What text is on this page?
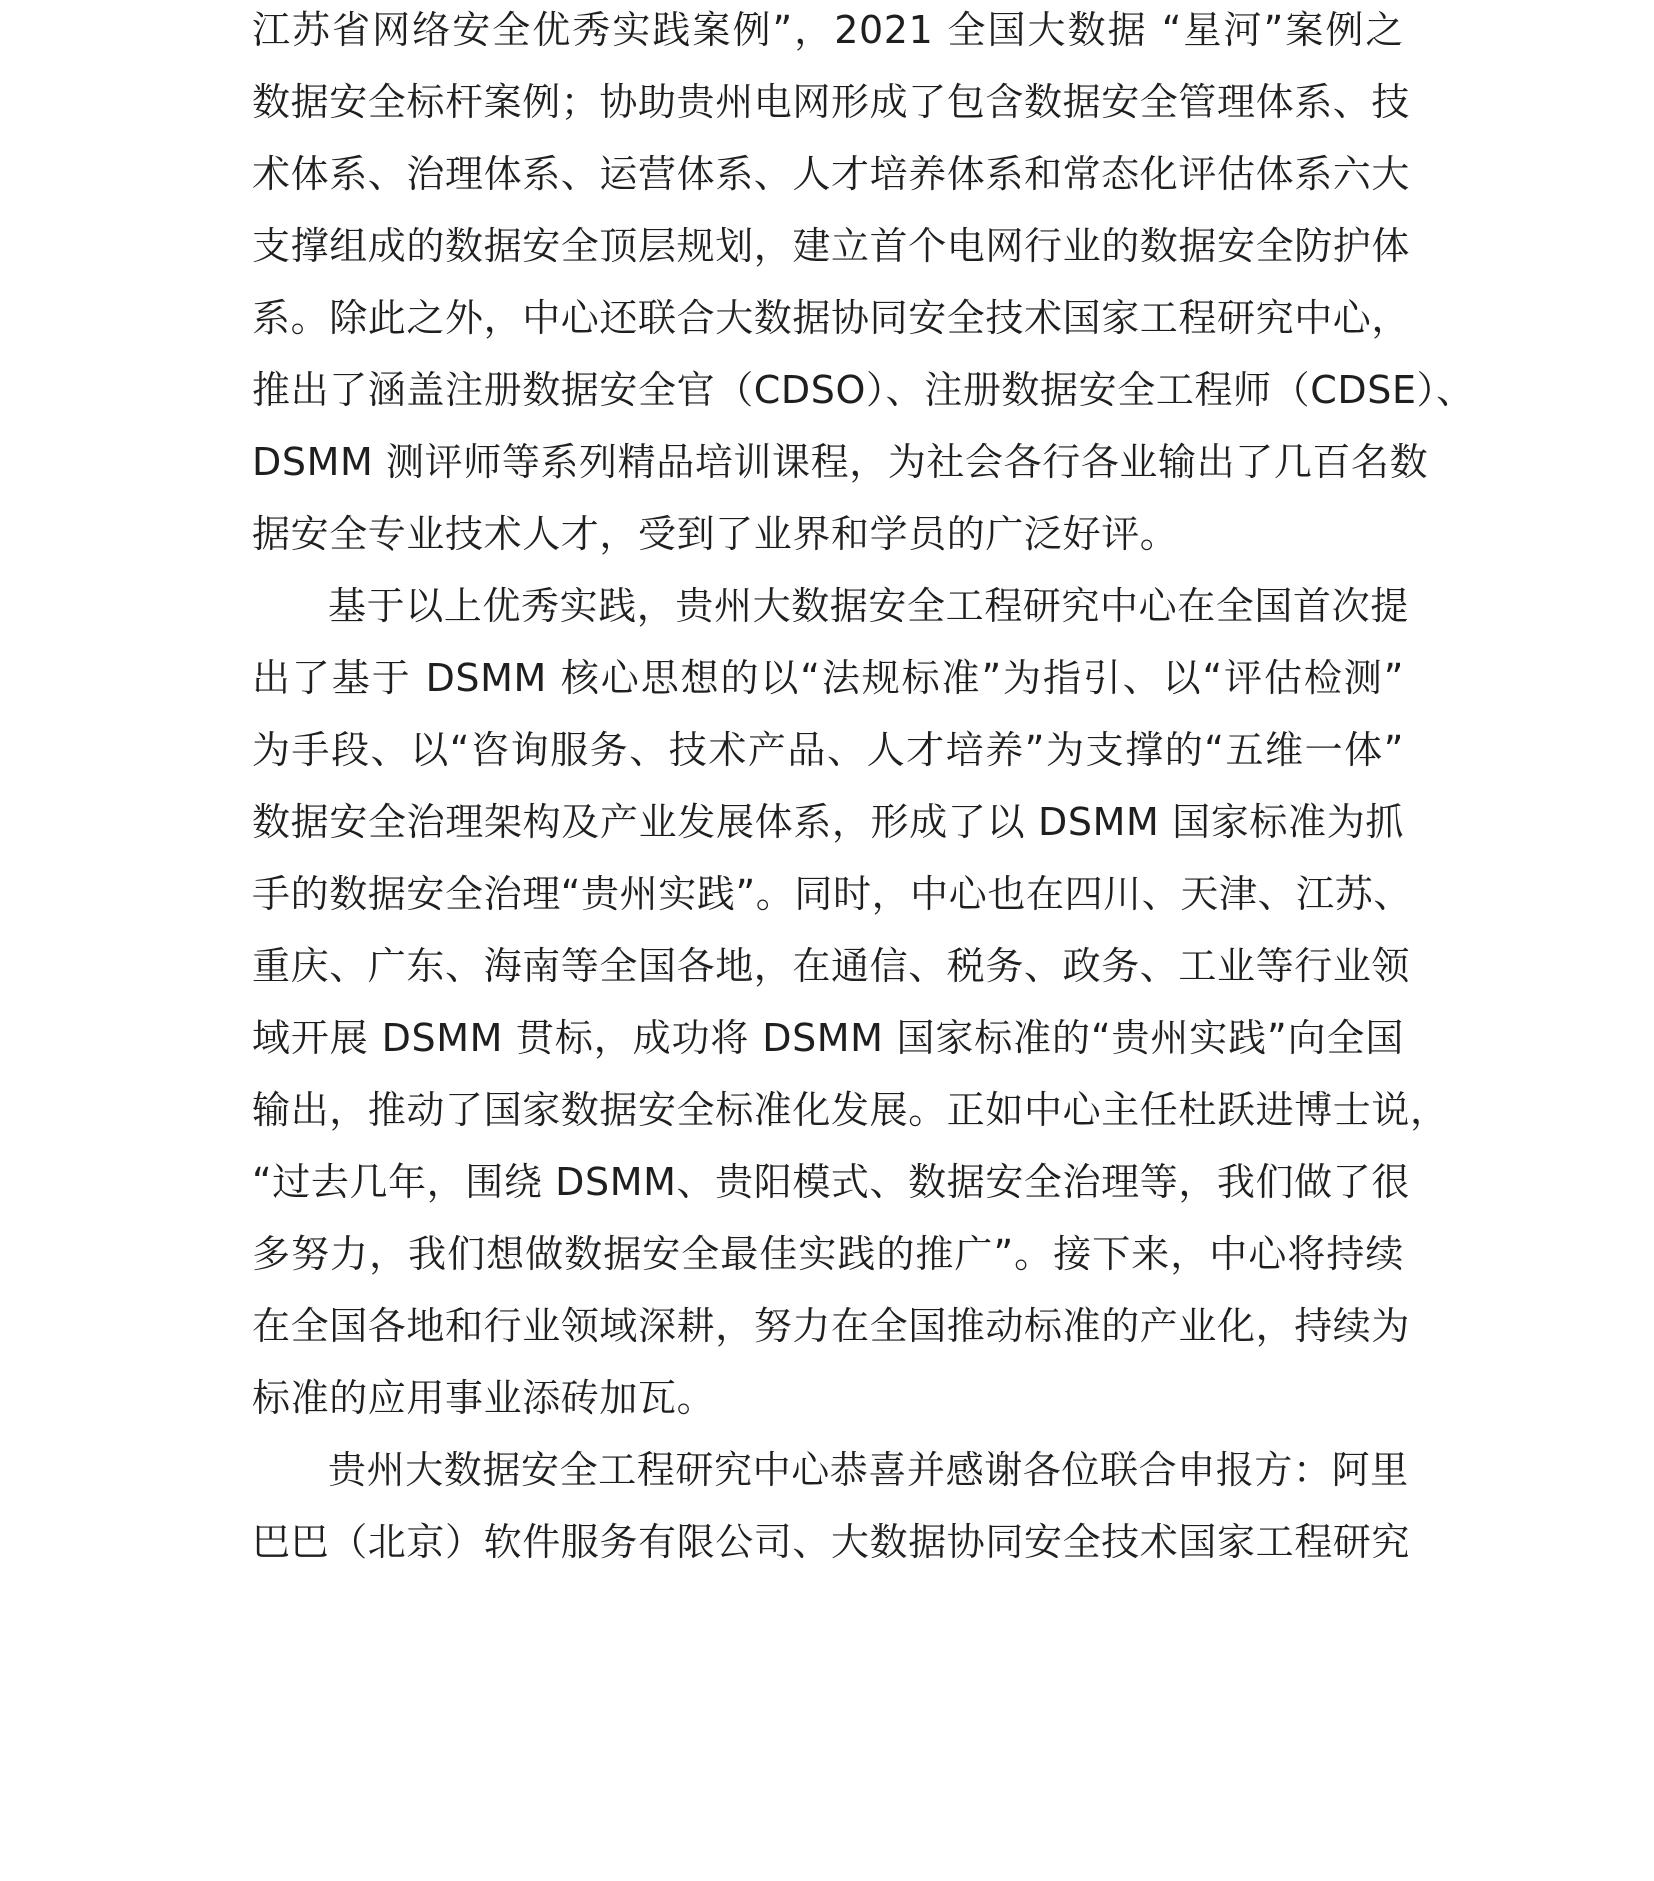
江苏省网络安全优秀实践案例”，2021 全国大数据 “星河”案例之
数据安全标杆案例；协助贵州电网形成了包含数据安全管理体系、技
术体系、治理体系、运营体系、人才培养体系和常态化评估体系六大
支撑组成的数据安全顶层规划，建立首个电网行业的数据安全防护体
系。除此之外，中心还联合大数据协同安全技术国家工程研究中心，
推出了涵盖注册数据安全官（CDSO）、注册数据安全工程师（CDSE）、
DSMM 测评师等系列精品培训课程，为社会各行各业输出了几百名数
据安全专业技术人才，受到了业界和学员的广泛好评。
基于以上优秀实践，贵州大数据安全工程研究中心在全国首次提
出了基于 DSMM 核心思想的以“法规标准”为指引、以“评估检测”
为手段、以“咨询服务、技术产品、人才培养”为支撑的“五维一体”
数据安全治理架构及产业发展体系，形成了以 DSMM 国家标准为抓
手的数据安全治理“贵州实践”。同时，中心也在四川、天津、江苏、
重庆、广东、海南等全国各地，在通信、税务、政务、工业等行业领
域开展 DSMM 贯标，成功将 DSMM 国家标准的“贵州实践”向全国
输出，推动了国家数据安全标准化发展。正如中心主任杜跃进博士说，
“过去几年，围绕 DSMM、贵阳模式、数据安全治理等，我们做了很
多努力，我们想做数据安全最佳实践的推广”。接下来，中心将持续
在全国各地和行业领域深耕，努力在全国推动标准的产业化，持续为
标准的应用事业添砖加瓦。
贵州大数据安全工程研究中心恭喜并感谢各位联合申报方：阿里
巴巴（北京）软件服务有限公司、大数据协同安全技术国家工程研究
